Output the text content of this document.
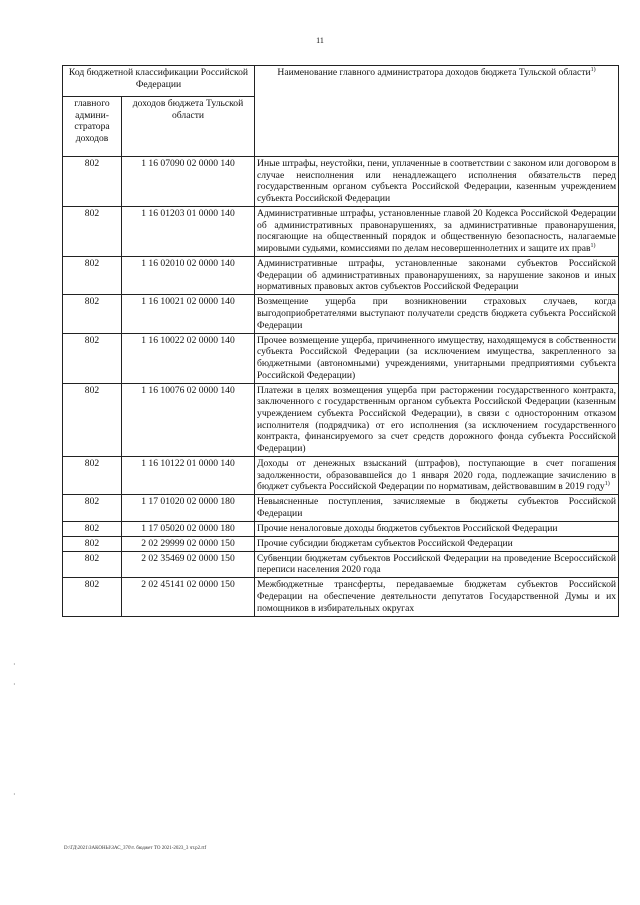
11
Код бюджетной классификации Российской Федерации		Наименование главного администратора доходов бюджета Тульской области$^{1)}$
главного админи-стратора доходов	доходов бюджета Тульской области	
802	1 16 07090 02 0000 140	Иные штрафы, неустойки, пени, уплаченные в соответствии с законом или договором в случае неисполнения или ненадлежащего исполнения обязательств перед государственным органом субъекта Российской Федерации, казенным учреждением субъекта Российской Федерации
802	1 16 01203 01 0000 140	Административные штрафы, установленные главой 20 Кодекса Российской Федерации об административных правонарушениях, за административные правонарушения, посягающие на общественный порядок и общественную безопасность, налагаемые мировыми судьями, комиссиями по делам несовершеннолетних и защите их прав$^{1)}$
802	1 16 02010 02 0000 140	Административные штрафы, установленные законами субъектов Российской Федерации об административных правонарушениях, за нарушение законов и иных нормативных правовых актов субъектов Российской Федерации
802	1 16 10021 02 0000 140	Возмещение ущерба при возникновении страховых случаев, когда выгодоприобретателями выступают получатели средств бюджета субъекта Российской Федерации
802	1 16 10022 02 0000 140	Прочее возмещение ущерба, причиненного имуществу, находящемуся в собственности субъекта Российской Федерации (за исключением имущества, закрепленного за бюджетными (автономными) учреждениями, унитарными предприятиями субъекта Российской Федерации)
802	1 16 10076 02 0000 140	Платежи в целях возмещения ущерба при расторжении государственного контракта, заключенного с государственным органом субъекта Российской Федерации (казенным учреждением субъекта Российской Федерации), в связи с односторонним отказом исполнителя (подрядчика) от его исполнения (за исключением государственного контракта, финансируемого за счет средств дорожного фонда субъекта Российской Федерации)
802	1 16 10122 01 0000 140	Доходы от денежных взысканий (штрафов), поступающие в счет погашения задолженности, образовавшейся до 1 января 2020 года, подлежащие зачислению в бюджет субъекта Российской Федерации по нормативам, действовавшим в 2019 году$^{1)}$
802	1 17 01020 02 0000 180	Невыясненные поступления, зачисляемые в бюджеты субъектов Российской Федерации
802	1 17 05020 02 0000 180	Прочие неналоговые доходы бюджетов субъектов Российской Федерации
802	2 02 29999 02 0000 150	Прочие субсидии бюджетам субъектов Российской Федерации
802	2 02 35469 02 0000 150	Субвенции бюджетам субъектов Российской Федерации на проведение Всероссийской переписи населения 2020 года
802	2 02 45141 02 0000 150	Межбюджетные трансферты, передаваемые бюджетам субъектов Российской Федерации на обеспечение деятельности депутатов Государственной Думы и их помощников в избирательных округах
·
·
·
D:\ГД\2021\ЗАКОНЫ\ЗАС_370\т. бюджет ТО 2021-2023_3 чт.р2.rtf
